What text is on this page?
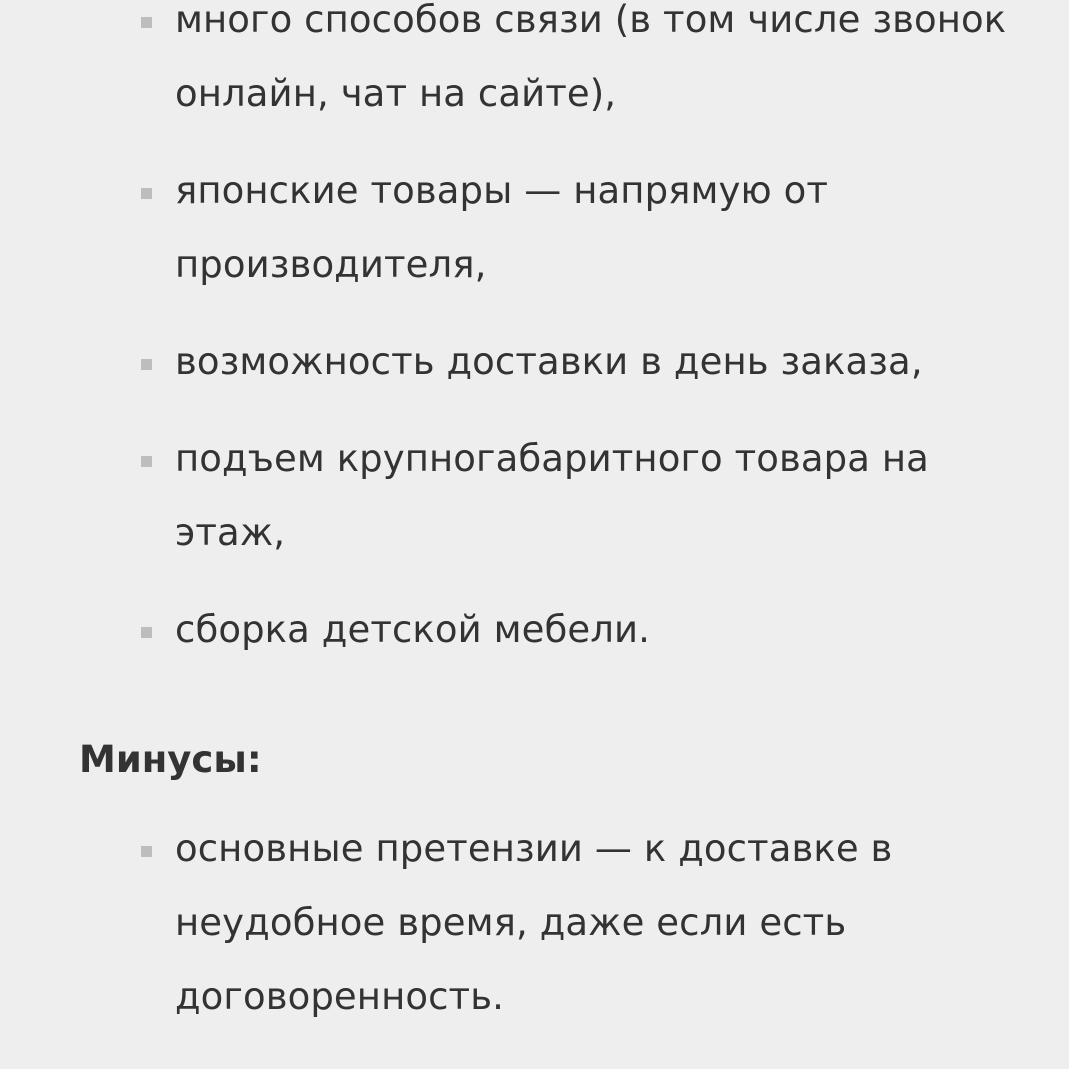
много способов связи (в том числе звонок онлайн, чат на сайте),
японские товары — напрямую от производителя,
возможность доставки в день заказа,
подъем крупногабаритного товара на этаж,
сборка детской мебели.
Минусы:
основные претензии — к доставке в неудобное время, даже если есть договоренность.
